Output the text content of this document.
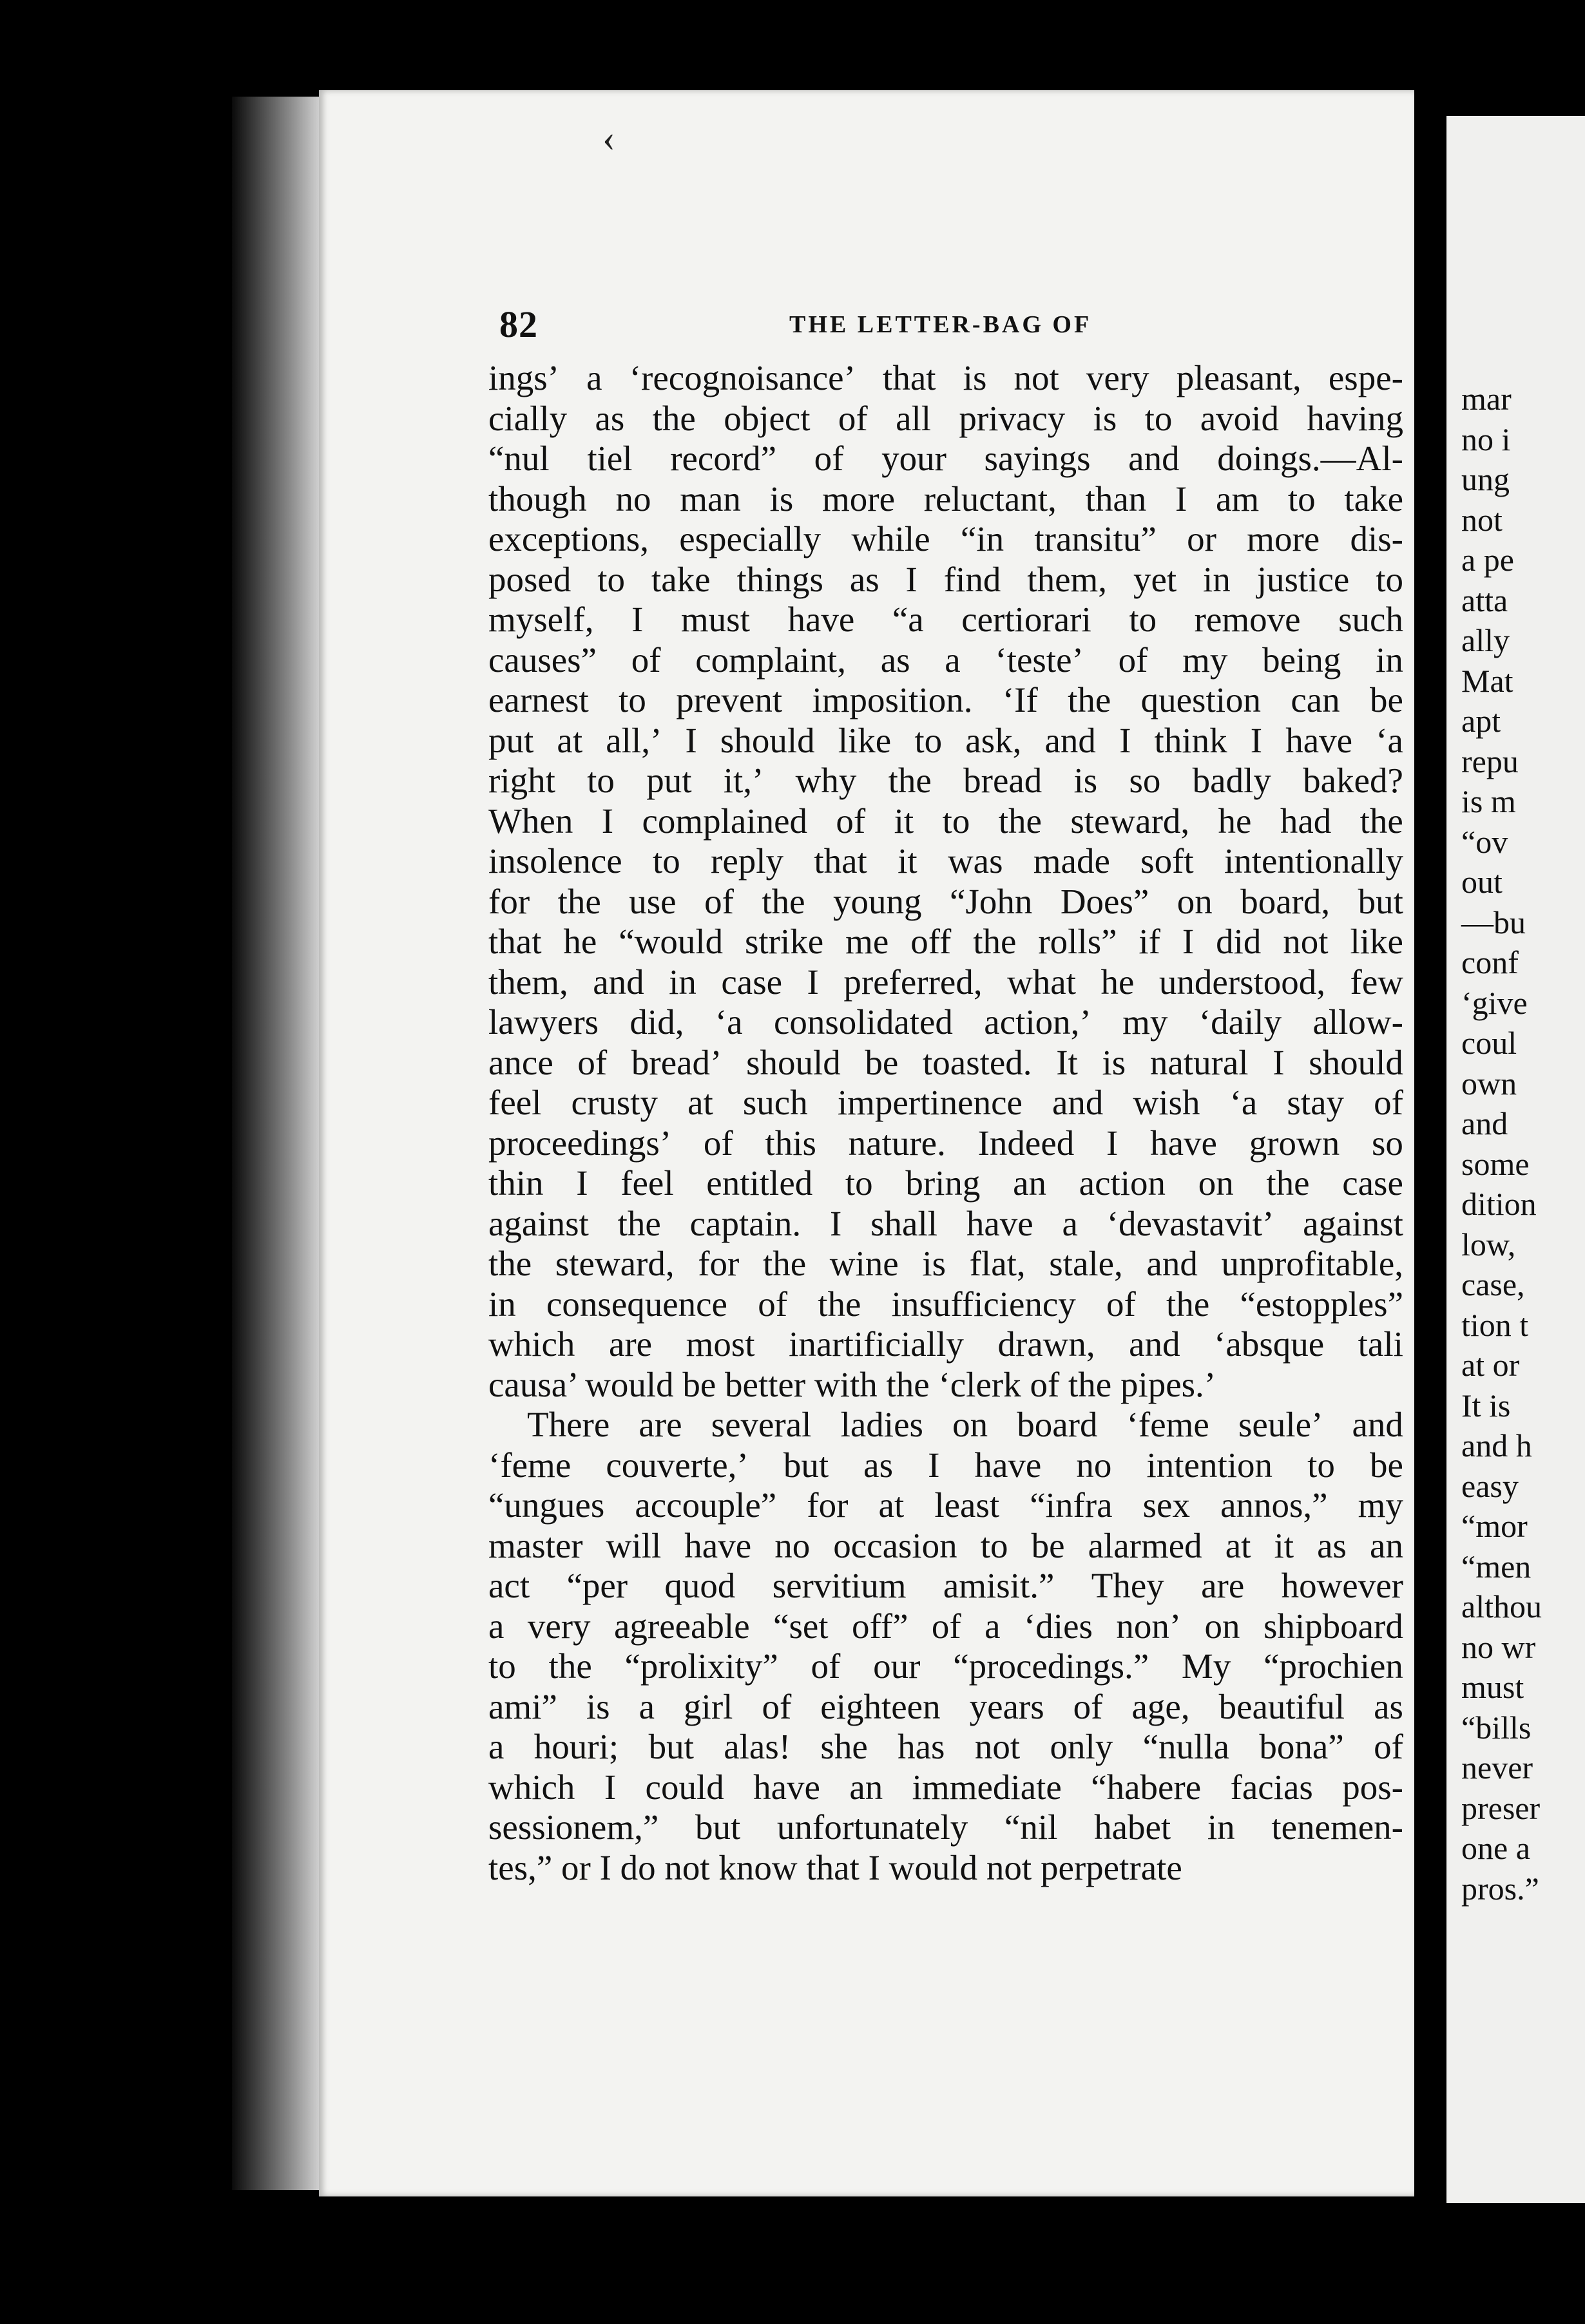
‹
82	THE LETTER-BAG OF
ings’ a ‘recognoisance’ that is not very pleasant, espe-
cially as the object of all privacy is to avoid having
“nul tiel record” of your sayings and doings.—Al-
though no man is more reluctant, than I am to take
exceptions, especially while “in transitu” or more dis-
posed to take things as I find them, yet in justice to
myself, I must have “a certiorari to remove such
causes” of complaint, as a ‘teste’ of my being in
earnest to prevent imposition. ‘If the question can be
put at all,’ I should like to ask, and I think I have ‘a
right to put it,’ why the bread is so badly baked?
When I complained of it to the steward, he had the
insolence to reply that it was made soft intentionally
for the use of the young “John Does” on board, but
that he “would strike me off the rolls” if I did not like
them, and in case I preferred, what he understood, few
lawyers did, ‘a consolidated action,’ my ‘daily allow-
ance of bread’ should be toasted. It is natural I should
feel crusty at such impertinence and wish ‘a stay of
proceedings’ of this nature. Indeed I have grown so
thin I feel entitled to bring an action on the case
against the captain. I shall have a ‘devastavit’ against
the steward, for the wine is flat, stale, and unprofitable,
in consequence of the insufficiency of the “estopples”
which are most inartificially drawn, and ‘absque tali
causa’ would be better with the ‘clerk of the pipes.’
There are several ladies on board ‘feme seule’ and
‘feme couverte,’ but as I have no intention to be
“ungues accouple” for at least “infra sex annos,” my
master will have no occasion to be alarmed at it as an
act “per quod servitium amisit.” They are however
a very agreeable “set off” of a ‘dies non’ on shipboard
to the “prolixity” of our “procedings.” My “prochien
ami” is a girl of eighteen years of age, beautiful as
a houri; but alas! she has not only “nulla bona” of
which I could have an immediate “habere facias pos-
sessionem,” but unfortunately “nil habet in tenemen-
tes,” or I do not know that I would not perpetrate
mar
no i
ung
not
a pe
atta
ally
Mat
apt
repu
is m
“ov
out
—bu
conf
‘give
coul
own
and
some
dition
low,
case,
tion t
at or
It is
and h
easy
“mor
“men
althou
no wr
must
“bills
never
preser
one a
pros.”
